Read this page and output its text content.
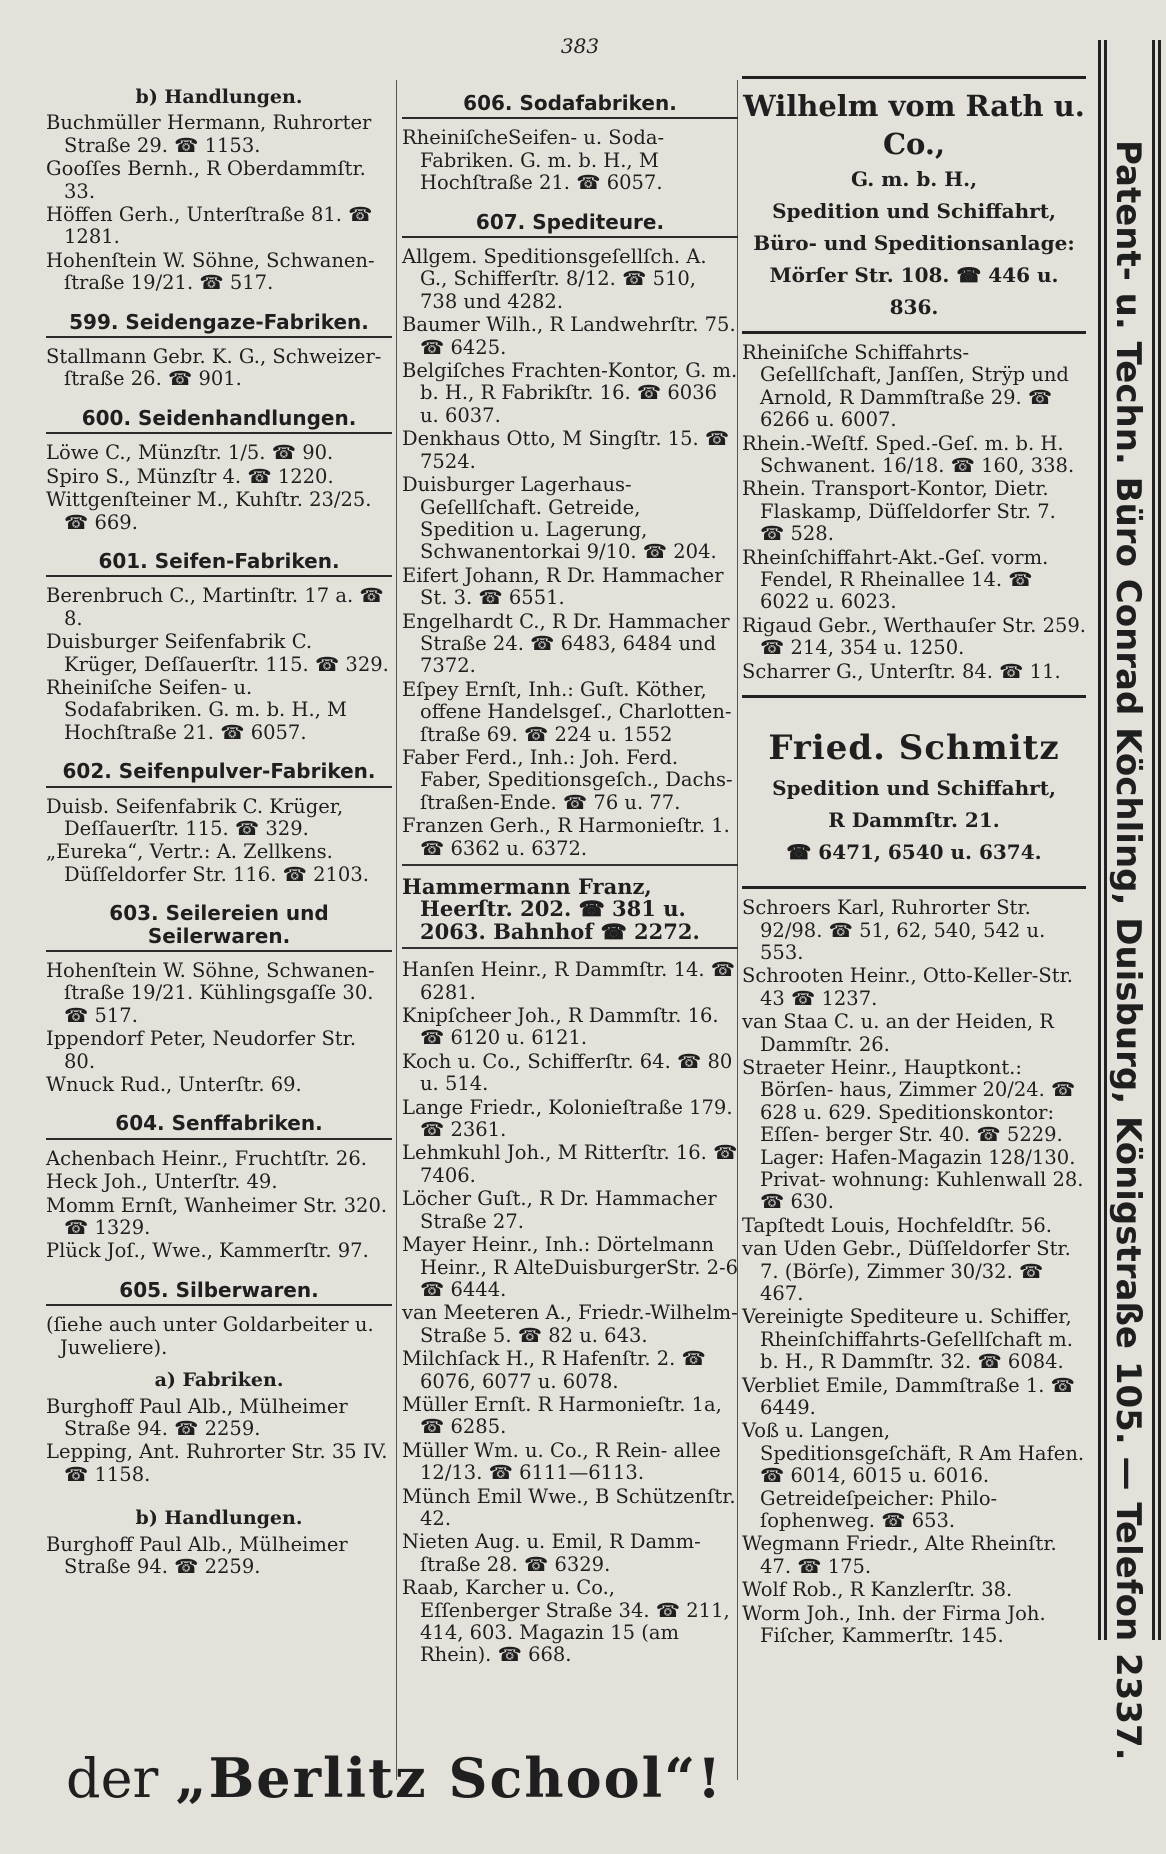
383
b) Handlungen.
Buchmüller Hermann, Ruhrorter Straße 29. ☎ 1153.
Gooſſes Bernh., R Oberdammſtr. 33.
Höffen Gerh., Unterſtraße 81. ☎ 1281.
Hohenſtein W. Söhne, Schwanen- ſtraße 19/21. ☎ 517.
599. Seidengaze-Fabriken.
Stallmann Gebr. K. G., Schweizer- ſtraße 26. ☎ 901.
600. Seidenhandlungen.
Löwe C., Münzſtr. 1/5. ☎ 90.
Spiro S., Münzſtr 4. ☎ 1220.
Wittgenſteiner M., Kuhſtr. 23/25. ☎ 669.
601. Seifen-Fabriken.
Berenbruch C., Martinſtr. 17 a. ☎ 8.
Duisburger Seifenfabrik C. Krüger, Deſſauerſtr. 115. ☎ 329.
Rheiniſche Seifen- u. Sodafabriken. G. m. b. H., M Hochſtraße 21. ☎ 6057.
602. Seifenpulver-Fabriken.
Duisb. Seifenfabrik C. Krüger, Deſſauerſtr. 115. ☎ 329.
„Eureka“, Vertr.: A. Zellkens. Düſſeldorfer Str. 116. ☎ 2103.
603. Seilereien und Seilerwaren.
Hohenſtein W. Söhne, Schwanen- ſtraße 19/21. Kühlingsgaſſe 30. ☎ 517.
Ippendorf Peter, Neudorfer Str. 80.
Wnuck Rud., Unterſtr. 69.
604. Senffabriken.
Achenbach Heinr., Fruchtſtr. 26.
Heck Joh., Unterſtr. 49.
Momm Ernſt, Wanheimer Str. 320. ☎ 1329.
Plück Joſ., Wwe., Kammerſtr. 97.
605. Silberwaren.
(ſiehe auch unter Goldarbeiter u. Juweliere).
a) Fabriken.
Burghoff Paul Alb., Mülheimer Straße 94. ☎ 2259.
Lepping, Ant. Ruhrorter Str. 35 IV. ☎ 1158.
b) Handlungen.
Burghoff Paul Alb., Mülheimer Straße 94. ☎ 2259.
606. Sodafabriken.
RheiniſcheSeifen- u. Soda-Fabriken. G. m. b. H., M Hochſtraße 21. ☎ 6057.
607. Spediteure.
Allgem. Speditionsgeſellſch. A. G., Schifferſtr. 8/12. ☎ 510, 738 und 4282.
Baumer Wilh., R Landwehrſtr. 75. ☎ 6425.
Belgiſches Frachten-Kontor, G. m. b. H., R Fabrikſtr. 16. ☎ 6036 u. 6037.
Denkhaus Otto, M Singſtr. 15. ☎ 7524.
Duisburger Lagerhaus-Geſellſchaft. Getreide, Spedition u. Lagerung, Schwanentorkai 9/10. ☎ 204.
Eifert Johann, R Dr. Hammacher St. 3. ☎ 6551.
Engelhardt C., R Dr. Hammacher Straße 24. ☎ 6483, 6484 und 7372.
Eſpey Ernſt, Inh.: Guſt. Köther, offene Handelsgeſ., Charlotten- ſtraße 69. ☎ 224 u. 1552
Faber Ferd., Inh.: Joh. Ferd. Faber, Speditionsgeſch., Dachs- ſtraßen-Ende. ☎ 76 u. 77.
Franzen Gerh., R Harmonieſtr. 1. ☎ 6362 u. 6372.
Hammermann Franz, Heerſtr. 202. ☎ 381 u. 2063. Bahnhof ☎ 2272.
Hanſen Heinr., R Dammſtr. 14. ☎ 6281.
Knipſcheer Joh., R Dammſtr. 16. ☎ 6120 u. 6121.
Koch u. Co., Schifferſtr. 64. ☎ 80 u. 514.
Lange Friedr., Kolonieſtraße 179. ☎ 2361.
Lehmkuhl Joh., M Ritterſtr. 16. ☎ 7406.
Löcher Guſt., R Dr. Hammacher Straße 27.
Mayer Heinr., Inh.: Dörtelmann Heinr., R AlteDuisburgerStr. 2-6 ☎ 6444.
van Meeteren A., Friedr.-Wilhelm- Straße 5. ☎ 82 u. 643.
Milchſack H., R Hafenſtr. 2. ☎ 6076, 6077 u. 6078.
Müller Ernſt. R Harmonieſtr. 1a, ☎ 6285.
Müller Wm. u. Co., R Rein- allee 12/13. ☎ 6111—6113.
Münch Emil Wwe., B Schützenſtr. 42.
Nieten Aug. u. Emil, R Damm- ſtraße 28. ☎ 6329.
Raab, Karcher u. Co., Eſſenberger Straße 34. ☎ 211, 414, 603. Magazin 15 (am Rhein). ☎ 668.
Wilhelm vom Rath u. Co.,
G. m. b. H.,
Spedition und Schiffahrt,
Büro- und Speditionsanlage:
Mörſer Str. 108. ☎ 446 u. 836.
Rheiniſche Schiffahrts-Geſellſchaft, Janſſen, Strÿp und Arnold, R Dammſtraße 29. ☎ 6266 u. 6007.
Rhein.-Weſtf. Sped.-Geſ. m. b. H. Schwanent. 16/18. ☎ 160, 338.
Rhein. Transport-Kontor, Dietr. Flaskamp, Düſſeldorfer Str. 7. ☎ 528.
Rheinſchiffahrt-Akt.-Geſ. vorm. Fendel, R Rheinallee 14. ☎ 6022 u. 6023.
Rigaud Gebr., Werthauſer Str. 259. ☎ 214, 354 u. 1250.
Scharrer G., Unterſtr. 84. ☎ 11.
Fried. Schmitz
Spedition und Schiffahrt,
R Dammſtr. 21.
☎ 6471, 6540 u. 6374.
Schroers Karl, Ruhrorter Str. 92/98. ☎ 51, 62, 540, 542 u. 553.
Schrooten Heinr., Otto-Keller-Str. 43 ☎ 1237.
van Staa C. u. an der Heiden, R Dammſtr. 26.
Straeter Heinr., Hauptkont.: Börſen- haus, Zimmer 20/24. ☎ 628 u. 629. Speditionskontor: Eſſen- berger Str. 40. ☎ 5229. Lager: Hafen-Magazin 128/130. Privat- wohnung: Kuhlenwall 28. ☎ 630.
Tapſtedt Louis, Hochfeldſtr. 56.
van Uden Gebr., Düſſeldorfer Str. 7. (Börſe), Zimmer 30/32. ☎ 467.
Vereinigte Spediteure u. Schiffer, Rheinſchiffahrts-Geſellſchaft m. b. H., R Dammſtr. 32. ☎ 6084.
Verbliet Emile, Dammſtraße 1. ☎ 6449.
Voß u. Langen, Speditionsgeſchäft, R Am Hafen. ☎ 6014, 6015 u. 6016. Getreideſpeicher: Philo- ſophenweg. ☎ 653.
Wegmann Friedr., Alte Rheinſtr. 47. ☎ 175.
Wolf Rob., R Kanzlerſtr. 38.
Worm Joh., Inh. der Firma Joh. Fiſcher, Kammerſtr. 145.
der „Berlitz School“!
Patent- u. Techn. Büro Conrad Köchling, Duisburg, Königstraße 105. — Telefon 2337.
